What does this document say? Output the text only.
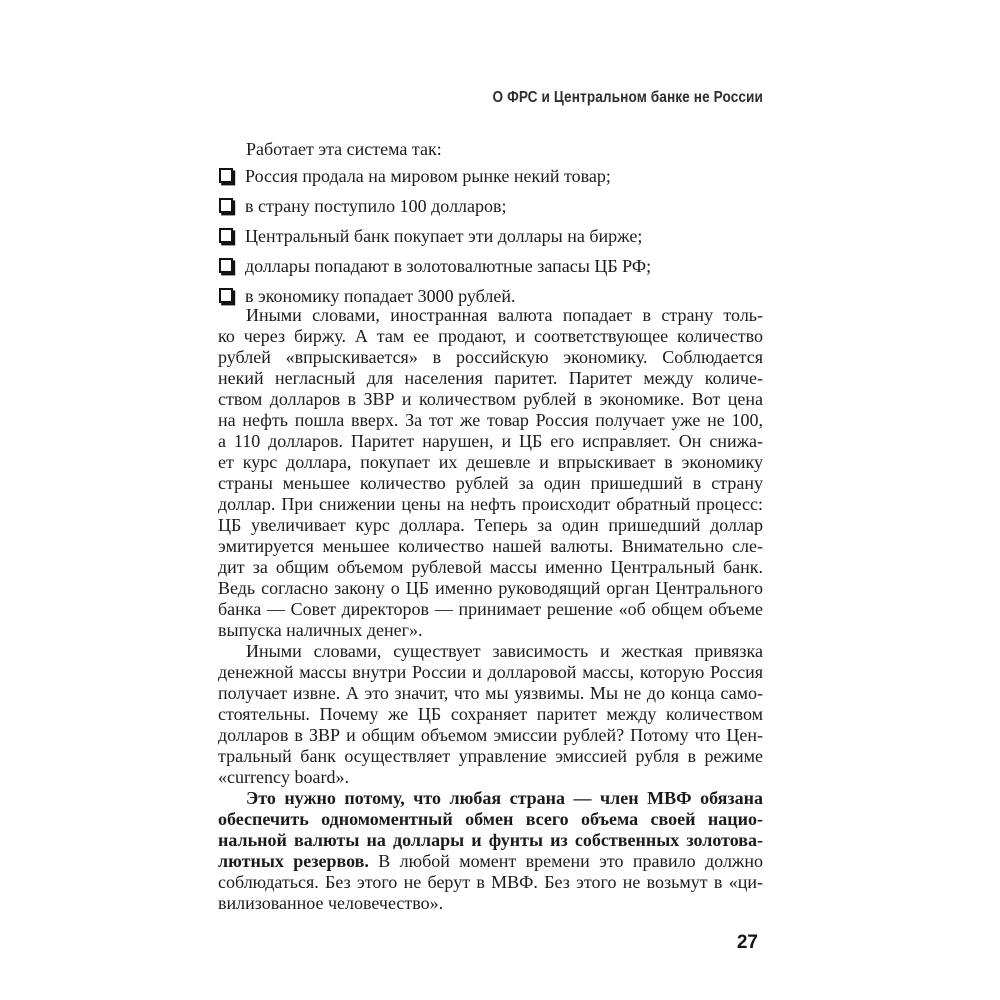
О ФРС и Центральном банке не России
Работает эта система так:
Россия продала на мировом рынке некий товар;
в страну поступило 100 долларов;
Центральный банк покупает эти доллары на бирже;
доллары попадают в золотовалютные запасы ЦБ РФ;
в экономику попадает 3000 рублей.
Иными словами, иностранная валюта попадает в страну толь-
ко через биржу. А там ее продают, и соответствующее количество
рублей «впрыскивается» в российскую экономику. Соблюдается
некий негласный для населения паритет. Паритет между количе-
ством долларов в ЗВР и количеством рублей в экономике. Вот цена
на нефть пошла вверх. За тот же товар Россия получает уже не 100,
а 110 долларов. Паритет нарушен, и ЦБ его исправляет. Он снижа-
ет курс доллара, покупает их дешевле и впрыскивает в экономику
страны меньшее количество рублей за один пришедший в страну
доллар. При снижении цены на нефть происходит обратный процесс:
ЦБ увеличивает курс доллара. Теперь за один пришедший доллар
эмитируется меньшее количество нашей валюты. Внимательно сле-
дит за общим объемом рублевой массы именно Центральный банк.
Ведь согласно закону о ЦБ именно руководящий орган Центрального
банка — Совет директоров — принимает решение «об общем объеме
выпуска наличных денег».
Иными словами, существует зависимость и жесткая привязка
денежной массы внутри России и долларовой массы, которую Россия
получает извне. А это значит, что мы уязвимы. Мы не до конца само-
стоятельны. Почему же ЦБ сохраняет паритет между количеством
долларов в ЗВР и общим объемом эмиссии рублей? Потому что Цен-
тральный банк осуществляет управление эмиссией рубля в режиме
«currency board».
Это нужно потому, что любая страна — член МВФ обязана
обеспечить одномоментный обмен всего объема своей нацио-
нальной валюты на доллары и фунты из собственных золотова-
лютных резервов. В любой момент времени это правило должно
соблюдаться. Без этого не берут в МВФ. Без этого не возьмут в «ци-
вилизованное человечество».
27
